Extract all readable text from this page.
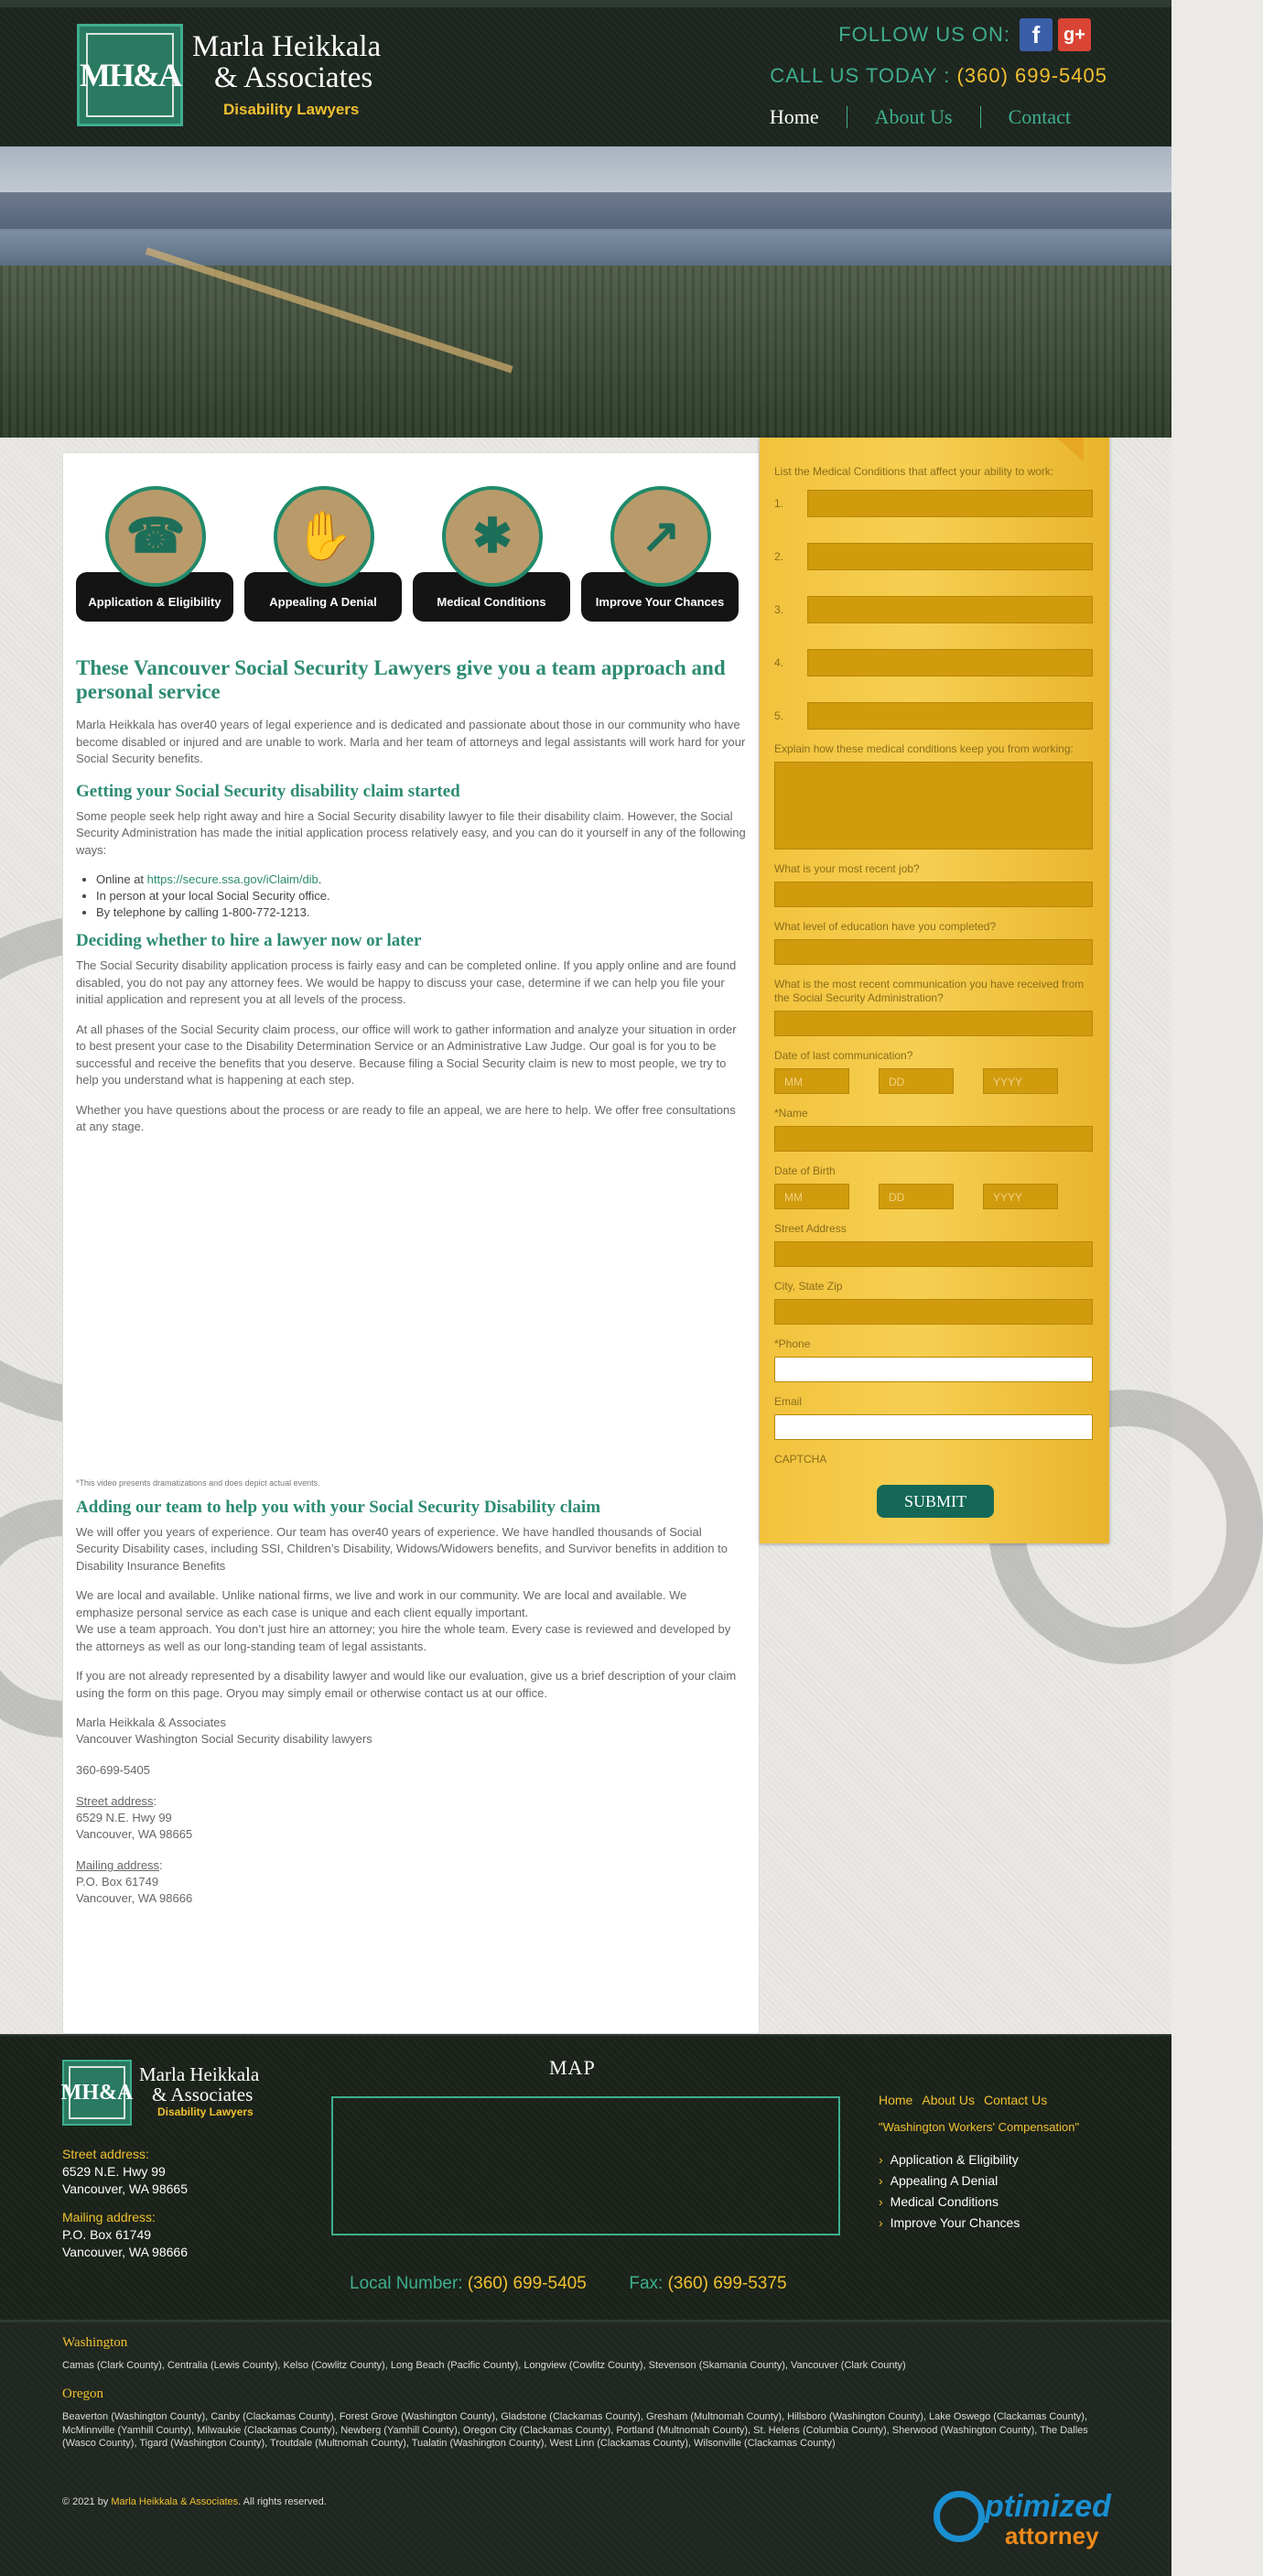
MH&A
Marla Heikkala
& Associates
Disability Lawyers
FOLLOW US ON: f	g+
CALL US TODAY : (360) 699-5405
Home	About Us	Contact
☎
Application & Eligibility
✋
Appealing A Denial
✱
Medical Conditions
↗
Improve Your Chances
These Vancouver Social Security Lawyers give you a team approach and personal service

Marla Heikkala has over40 years of legal experience and is dedicated and passionate about those in our community who have become disabled or injured and are unable to work. Marla and her team of attorneys and legal assistants will work hard for your Social Security benefits.

Getting your Social Security disability claim started

Some people seek help right away and hire a Social Security disability lawyer to file their disability claim. However, the Social Security Administration has made the initial application process relatively easy, and you can do it yourself in any of the following ways:

• Online at https://secure.ssa.gov/iClaim/dib.
• In person at your local Social Security office.
• By telephone by calling 1-800-772-1213.
Deciding whether to hire a lawyer now or later

The Social Security disability application process is fairly easy and can be completed online. If you apply online and are found disabled, you do not pay any attorney fees. We would be happy to discuss your case, determine if we can help you file your initial application and represent you at all levels of the process.

At all phases of the Social Security claim process, our office will work to gather information and analyze your situation in order to best present your case to the Disability Determination Service or an Administrative Law Judge. Our goal is for you to be successful and receive the benefits that you deserve. Because filing a Social Security claim is new to most people, we try to help you understand what is happening at each step.

Whether you have questions about the process or are ready to file an appeal, we are here to help. We offer free consultations at any stage.

*This video presents dramatizations and does depict actual events.

Adding our team to help you with your Social Security Disability claim

We will offer you years of experience. Our team has over40 years of experience. We have handled thousands of Social Security Disability cases, including SSI, Children’s Disability, Widows/Widowers benefits, and Survivor benefits in addition to Disability Insurance Benefits

We are local and available. Unlike national firms, we live and work in our community. We are local and available. We emphasize personal service as each case is unique and each client equally important.
We use a team approach. You don’t just hire an attorney; you hire the whole team. Every case is reviewed and developed by the attorneys as well as our long-standing team of legal assistants.

If you are not already represented by a disability lawyer and would like our evaluation, give us a brief description of your claim using the form on this page. Oryou may simply email or otherwise contact us at our office.

Marla Heikkala & Associates
Vancouver Washington Social Security disability lawyers
360-699-5405
Street address:
6529 N.E. Hwy 99
Vancouver, WA 98665
Mailing address:
P.O. Box 61749
Vancouver, WA 98666
List the Medical Conditions that affect your ability to work:
1.
2.
3.
4.
5.
Explain how these medical conditions keep you from working:
What is your most recent job?
What level of education have you completed?
What is the most recent communication you have received from the Social Security Administration?
Date of last communication?
MM	DD	YYYY
*Name
Date of Birth
MM	DD	YYYY
Street Address
City, State Zip
*Phone
Email
CAPTCHA
SUBMIT
MH&A
Marla Heikkala
& Associates
Disability Lawyers
Street address:
6529 N.E. Hwy 99
Vancouver, WA 98665
Mailing address:
P.O. Box 61749
Vancouver, WA 98666
MAP
Home About Us Contact Us
"Washington Workers' Compensation"
› Application & Eligibility
› Appealing A Denial
› Medical Conditions
› Improve Your Chances
Local Number: (360) 699-5405 Fax: (360) 699-5375
Washington
Camas (Clark County), Centralia (Lewis County), Kelso (Cowlitz County), Long Beach (Pacific County), Longview (Cowlitz County), Stevenson (Skamania County), Vancouver (Clark County)
Oregon
Beaverton (Washington County), Canby (Clackamas County), Forest Grove (Washington County), Gladstone (Clackamas County), Gresham (Multnomah County), Hillsboro (Washington County), Lake Oswego (Clackamas County), McMinnville (Yamhill County), Milwaukie (Clackamas County), Newberg (Yamhill County), Oregon City (Clackamas County), Portland (Multnomah County), St. Helens (Columbia County), Sherwood (Washington County), The Dalles (Wasco County), Tigard (Washington County), Troutdale (Multnomah County), Tualatin (Washington County), West Linn (Clackamas County), Wilsonville (Clackamas County)
© 2021 by Marla Heikkala & Associates. All rights reserved.	ptimized
attorney
